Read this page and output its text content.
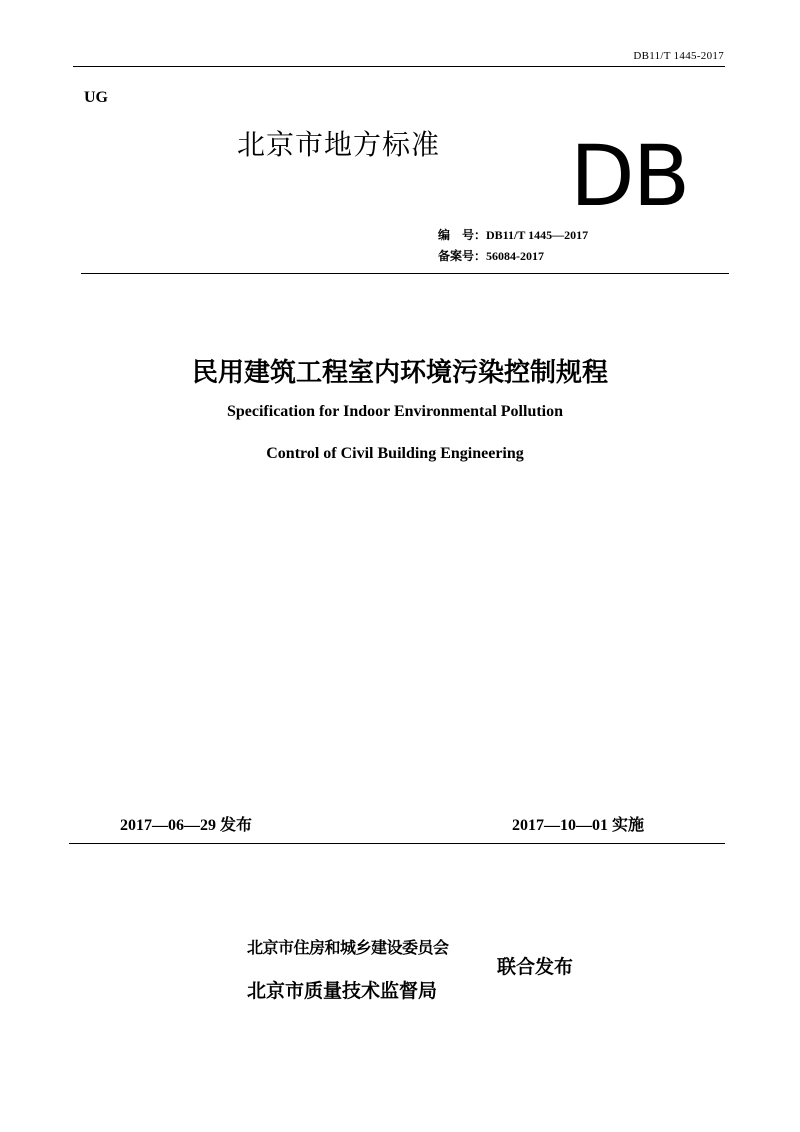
DB11/T 1445-2017
UG
北京市地方标准 DB
编　号：DB11/T 1445—2017
备案号：56084-2017
民用建筑工程室内环境污染控制规程
Specification for Indoor Environmental Pollution
Control of Civil Building Engineering
2017—06—29 发布	2017—10—01 实施
北京市住房和城乡建设委员会
北京市质量技术监督局
联合发布
